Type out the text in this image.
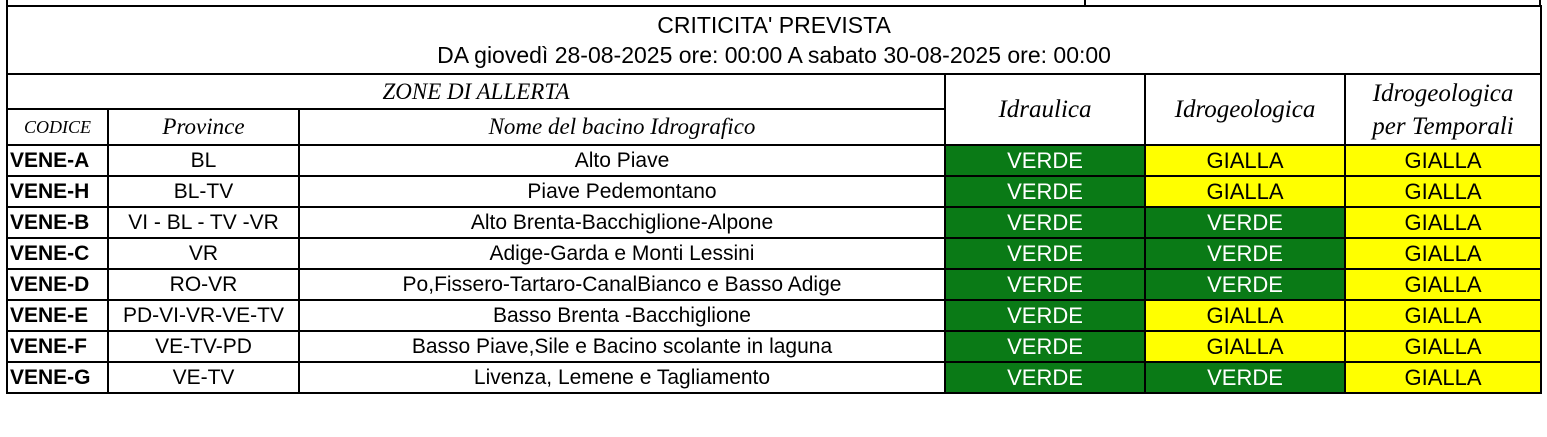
CRITICITA' PREVISTA
DA giovedì 28-08-2025 ore: 00:00 A sabato 30-08-2025 ore: 00:00					

ZONE DI ALLERTA			Idraulica	Idrogeologica	Idrogeologica
per Temporali

CODICE	Province	Nome del bacino Idrografico			
VENE-A	BL	Alto Piave	VERDE	GIALLA	GIALLA
VENE-H	BL-TV	Piave Pedemontano	VERDE	GIALLA	GIALLA
VENE-B	VI - BL - TV -VR	Alto Brenta-Bacchiglione-Alpone	VERDE	VERDE	GIALLA
VENE-C	VR	Adige-Garda e Monti Lessini	VERDE	VERDE	GIALLA
VENE-D	RO-VR	Po,Fissero-Tartaro-CanalBianco e Basso Adige	VERDE	VERDE	GIALLA
VENE-E	PD-VI-VR-VE-TV	Basso Brenta -Bacchiglione	VERDE	GIALLA	GIALLA
VENE-F	VE-TV-PD	Basso Piave,Sile e Bacino scolante in laguna	VERDE	GIALLA	GIALLA
VENE-G	VE-TV	Livenza, Lemene e Tagliamento	VERDE	VERDE	GIALLA
